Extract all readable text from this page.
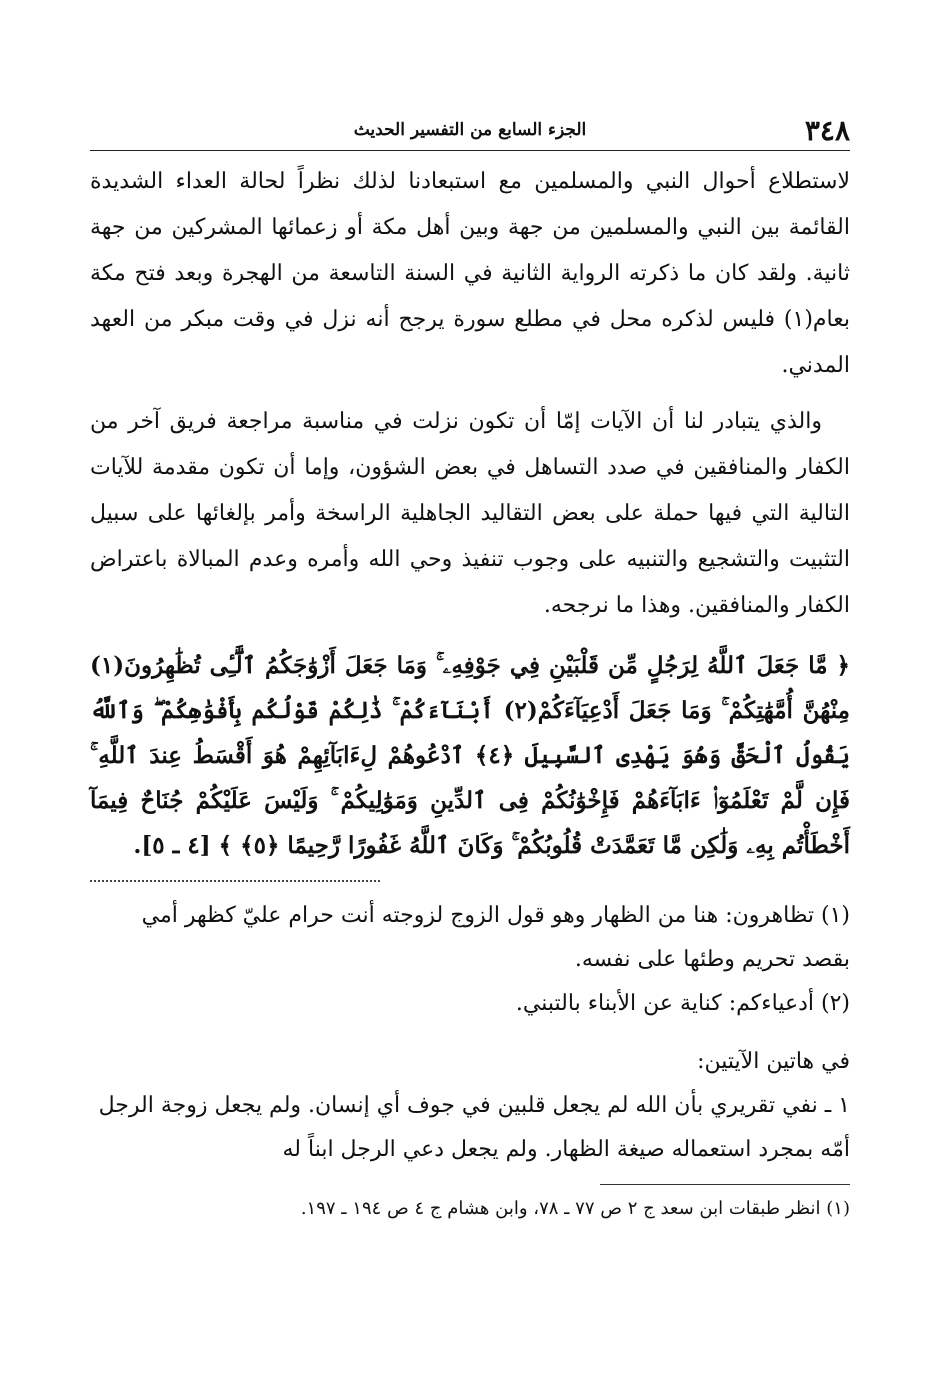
٣٤٨
الجزء السابع من التفسير الحديث

لاستطلاع أحوال النبي والمسلمين مع استبعادنا لذلك نظراً لحالة العداء الشديدة القائمة بين النبي والمسلمين من جهة وبين أهل مكة أو زعمائها المشركين من جهة ثانية. ولقد كان ما ذكرته الرواية الثانية في السنة التاسعة من الهجرة وبعد فتح مكة بعام(١) فليس لذكره محل في مطلع سورة يرجح أنه نزل في وقت مبكر من العهد المدني.

والذي يتبادر لنا أن الآيات إمّا أن تكون نزلت في مناسبة مراجعة فريق آخر من الكفار والمنافقين في صدد التساهل في بعض الشؤون، وإما أن تكون مقدمة للآيات التالية التي فيها حملة على بعض التقاليد الجاهلية الراسخة وأمر بإلغائها على سبيل التثبيت والتشجيع والتنبيه على وجوب تنفيذ وحي الله وأمره وعدم المبالاة باعتراض الكفار والمنافقين. وهذا ما نرجحه.

﴿ مَّا جَعَلَ ٱللَّهُ لِرَجُلٍ مِّن قَلْبَيْنِ فِي جَوْفِهِۦ ۚ وَمَا جَعَلَ أَزْوَٰجَكُمُ ٱلَّٰٓـِٔى تُظَٰهِرُونَ(١) مِنْهُنَّ أُمَّهَٰتِكُمْ ۚ وَمَا جَعَلَ أَدْعِيَآءَكُمْ(٢) أَبْنَآءَكُمْ ۚ ذَٰلِكُمْ قَوْلُكُم بِأَفْوَٰهِكُمْ ۖ وَٱللَّهُ يَقُولُ ٱلْحَقَّ وَهُوَ يَهْدِى ٱلسَّبِيلَ ﴿٤﴾ ٱدْعُوهُمْ لِءَابَآئِهِمْ هُوَ أَقْسَطُ عِندَ ٱللَّهِ ۚ فَإِن لَّمْ تَعْلَمُوٓا۟ ءَابَآءَهُمْ فَإِخْوَٰنُكُمْ فِى ٱلدِّينِ وَمَوَٰلِيكُمْ ۚ وَلَيْسَ عَلَيْكُمْ جُنَاحٌ فِيمَآ أَخْطَأْتُم بِهِۦ وَلَٰكِن مَّا تَعَمَّدَتْ قُلُوبُكُمْ ۚ وَكَانَ ٱللَّهُ غَفُورًا رَّحِيمًا ﴿٥﴾ ﴾ [٤ ـ ٥].

(١) تظاهرون: هنا من الظهار وهو قول الزوج لزوجته أنت حرام عليّ كظهر أمي بقصد تحريم وطئها على نفسه.

(٢) أدعياءكم: كناية عن الأبناء بالتبني.

في هاتين الآيتين:

١ ـ نفي تقريري بأن الله لم يجعل قلبين في جوف أي إنسان. ولم يجعل زوجة الرجل أمّه بمجرد استعماله صيغة الظهار. ولم يجعل دعي الرجل ابناً له

(١) انظر طبقات ابن سعد ج ٢ ص ٧٧ ـ ٧٨، وابن هشام ج ٤ ص ١٩٤ ـ ١٩٧.
